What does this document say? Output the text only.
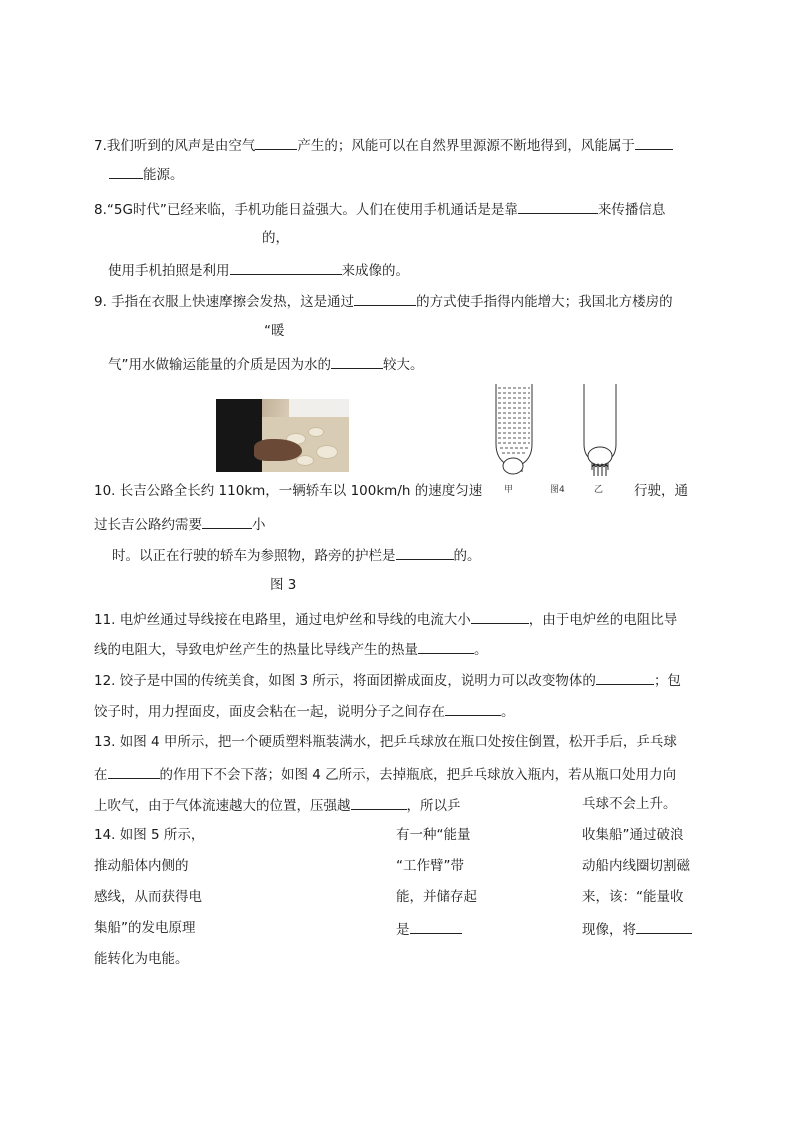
7.我们听到的风声是由空气	产生的；风能可以在自然界里源源不断地得到，风能属于
能源。
8.“5G时代”已经来临，手机功能日益强大。人们在使用手机通话是是靠	来传播信息
的，
使用手机拍照是利用	来成像的。
9. 手指在衣服上快速摩擦会发热，这是通过	的方式使手指得内能增大；我国北方楼房的
“暖
气”用水做输运能量的介质是因为水的	较大。
甲	图4	乙
10. 长吉公路全长约 110km，一辆轿车以 100km/h 的速度匀速	行驶，通
过长吉公路约需要	小
时。以正在行驶的轿车为参照物，路旁的护栏是	的。
图 3
11. 电炉丝通过导线接在电路里，通过电炉丝和导线的电流大小	，由于电炉丝的电阻比导
线的电阻大，导致电炉丝产生的热量比导线产生的热量	。
12. 饺子是中国的传统美食，如图 3 所示，将面团擀成面皮，说明力可以改变物体的	；包
饺子时，用力捏面皮，面皮会粘在一起，说明分子之间存在	。
13. 如图 4 甲所示，把一个硬质塑料瓶装满水，把乒乓球放在瓶口处按住倒置，松开手后，乒乓球
在	的作用下不会下落；如图 4 乙所示，去掉瓶底，把乒乓球放入瓶内，若从瓶口处用力向
上吹气，由于气体流速越大的位置，压强越	，所以乒	乓球不会上升。
14. 如图 5 所示，
推动船体内侧的
感线，从而获得电
集船”的发电原理
有一种“能量
“工作臂”带
能，并储存起
是
收集船”通过破浪
动船内线圈切割磁
来，该：“能量收
现像，将
能转化为电能。
